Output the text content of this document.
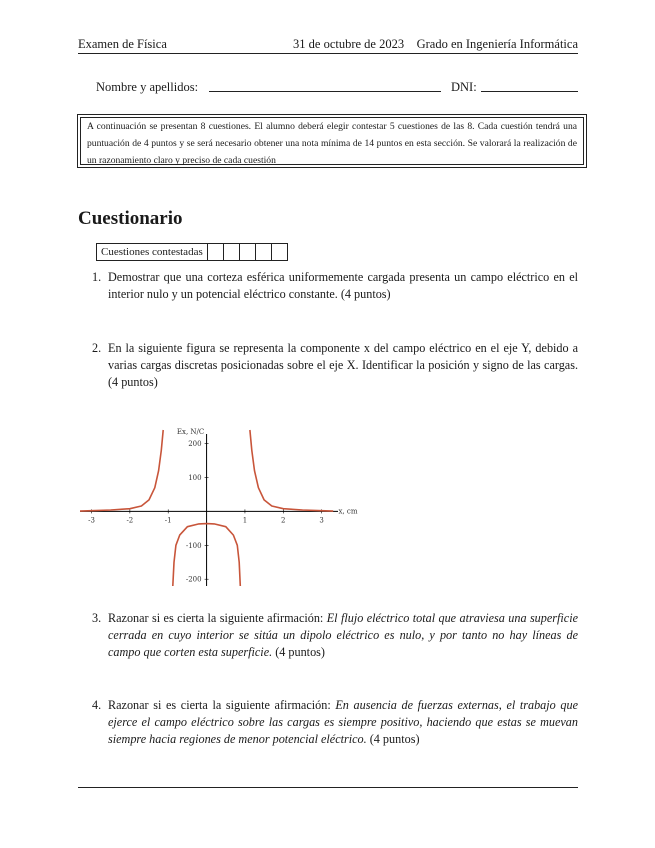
Examen de Física	31 de octubre de 2023    Grado en Ingeniería Informática
Nombre y apellidos:	DNI:
A continuación se presentan 8 cuestiones. El alumno deberá elegir contestar 5 cuestiones de las 8. Cada cuestión tendrá una puntuación de 4 puntos y se será necesario obtener una nota mínima de 14 puntos en esta sección. Se valorará la realización de un razonamiento claro y preciso de cada cuestión
Cuestionario
Cuestiones contestadas
1. Demostrar que una corteza esférica uniformemente cargada presenta un campo eléctrico en el interior nulo y un potencial eléctrico constante. (4 puntos)
2. En la siguiente figura se representa la componente x del campo eléctrico en el eje Y, debido a varias cargas discretas posicionadas sobre el eje X. Identificar la posición y signo de las cargas. (4 puntos)
-3	-2	-1	1	2	3
200
100
-100
-200
Ex, N/C
x, cm
3. Razonar si es cierta la siguiente afirmación: El flujo eléctrico total que atraviesa una superficie cerrada en cuyo interior se sitúa un dipolo eléctrico es nulo, y por tanto no hay líneas de campo que corten esta superficie. (4 puntos)
4. Razonar si es cierta la siguiente afirmación: En ausencia de fuerzas externas, el trabajo que ejerce el campo eléctrico sobre las cargas es siempre positivo, haciendo que estas se muevan siempre hacia regiones de menor potencial eléctrico. (4 puntos)
